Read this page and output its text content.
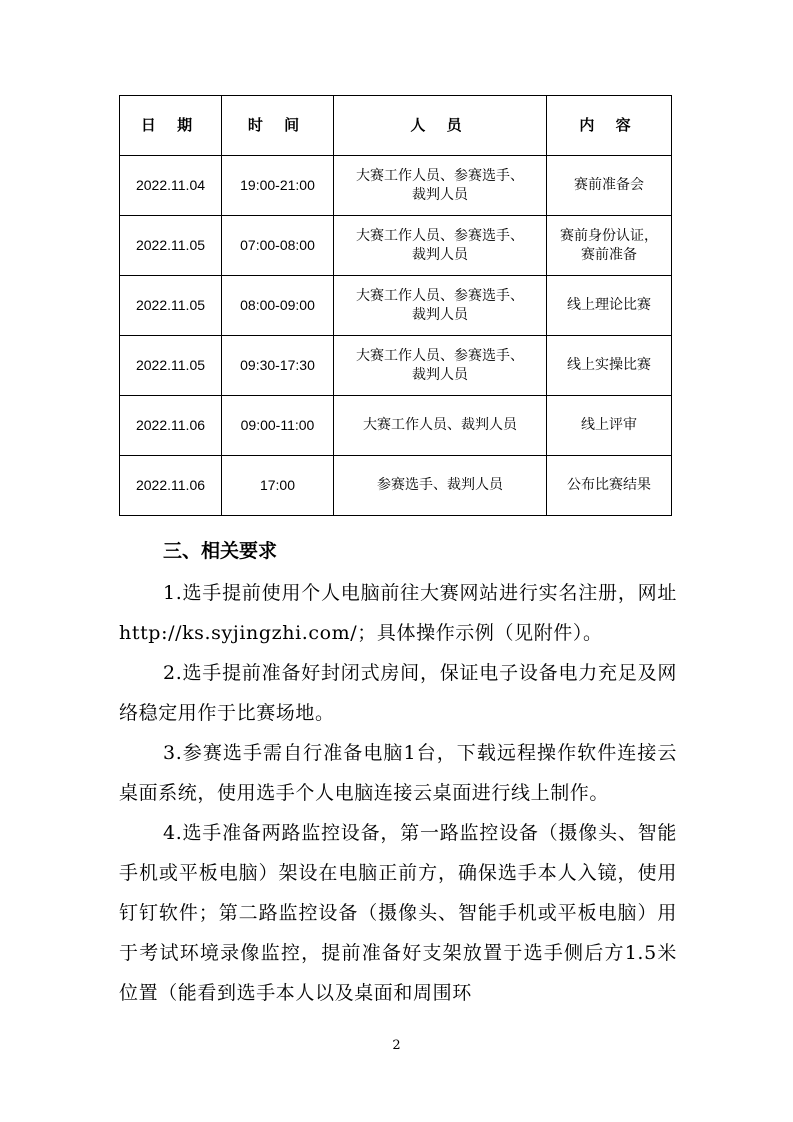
日 期	时 间	人 员	内 容
2022.11.04	19:00-21:00	大赛工作人员、参赛选手、裁判人员	赛前准备会
2022.11.05	07:00-08:00	大赛工作人员、参赛选手、裁判人员	赛前身份认证，赛前准备

2022.11.05	08:00-09:00	大赛工作人员、参赛选手、裁判人员	线上理论比赛
2022.11.05	09:30-17:30	大赛工作人员、参赛选手、裁判人员	线上实操比赛
2022.11.06	09:00-11:00	大赛工作人员、裁判人员	线上评审
2022.11.06	17:00	参赛选手、裁判人员	公布比赛结果
三、相关要求

1.选手提前使用个人电脑前往大赛网站进行实名注册，网址http://ks.syjingzhi.com/；具体操作示例（见附件）。

2.选手提前准备好封闭式房间，保证电子设备电力充足及网络稳定用作于比赛场地。

3.参赛选手需自行准备电脑1台，下载远程操作软件连接云桌面系统，使用选手个人电脑连接云桌面进行线上制作。

4.选手准备两路监控设备，第一路监控设备（摄像头、智能手机或平板电脑）架设在电脑正前方，确保选手本人入镜，使用钉钉软件；第二路监控设备（摄像头、智能手机或平板电脑）用于考试环境录像监控，提前准备好支架放置于选手侧后方1.5米位置（能看到选手本人以及桌面和周围环

2
